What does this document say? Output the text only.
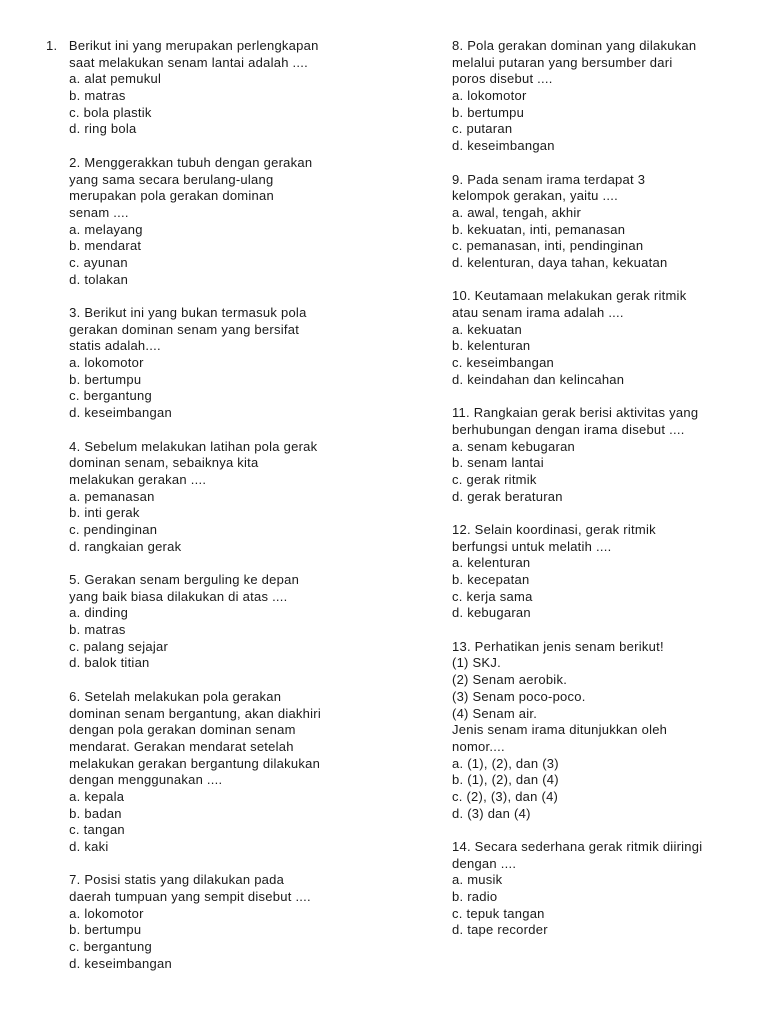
1.   Berikut ini yang merupakan perlengkapan
saat melakukan senam lantai adalah ....
a. alat pemukul
b. matras
c. bola plastik
d. ring bola
2. Menggerakkan tubuh dengan gerakan
yang sama secara berulang-ulang
merupakan pola gerakan dominan
senam ....
a. melayang
b. mendarat
c. ayunan
d. tolakan
3. Berikut ini yang bukan termasuk pola
gerakan dominan senam yang bersifat
statis adalah....
a. lokomotor
b. bertumpu
c. bergantung
d. keseimbangan
4. Sebelum melakukan latihan pola gerak
dominan senam, sebaiknya kita
melakukan gerakan ....
a. pemanasan
b. inti gerak
c. pendinginan
d. rangkaian gerak
5. Gerakan senam berguling ke depan
yang baik biasa dilakukan di atas ....
a. dinding
b. matras
c. palang sejajar
d. balok titian
6. Setelah melakukan pola gerakan
dominan senam bergantung, akan diakhiri
dengan pola gerakan dominan senam
mendarat. Gerakan mendarat setelah
melakukan gerakan bergantung dilakukan
dengan menggunakan ....
a. kepala
b. badan
c. tangan
d. kaki
7. Posisi statis yang dilakukan pada
daerah tumpuan yang sempit disebut ....
a. lokomotor
b. bertumpu
c. bergantung
d. keseimbangan
8. Pola gerakan dominan yang dilakukan
melalui putaran yang bersumber dari
poros disebut ....
a. lokomotor
b. bertumpu
c. putaran
d. keseimbangan
9. Pada senam irama terdapat 3
kelompok gerakan, yaitu ....
a. awal, tengah, akhir
b. kekuatan, inti, pemanasan
c. pemanasan, inti, pendinginan
d. kelenturan, daya tahan, kekuatan
10. Keutamaan melakukan gerak ritmik
atau senam irama adalah ....
a. kekuatan
b. kelenturan
c. keseimbangan
d. keindahan dan kelincahan
11. Rangkaian gerak berisi aktivitas yang
berhubungan dengan irama disebut ....
a. senam kebugaran
b. senam lantai
c. gerak ritmik
d. gerak beraturan
12. Selain koordinasi, gerak ritmik
berfungsi untuk melatih ....
a. kelenturan
b. kecepatan
c. kerja sama
d. kebugaran
13. Perhatikan jenis senam berikut!
(1) SKJ.
(2) Senam aerobik.
(3) Senam poco-poco.
(4) Senam air.
Jenis senam irama ditunjukkan oleh
nomor....
a. (1), (2), dan (3)
b. (1), (2), dan (4)
c. (2), (3), dan (4)
d. (3) dan (4)
14. Secara sederhana gerak ritmik diiringi
dengan ....
a. musik
b. radio
c. tepuk tangan
d. tape recorder
